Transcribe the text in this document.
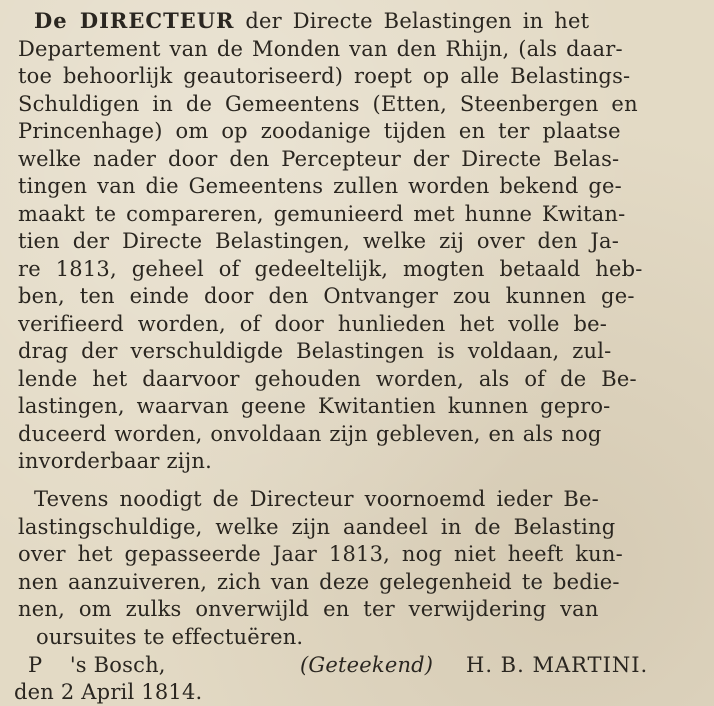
De DIRECTEUR der Directe Belastingen in het
Departement van de Monden van den Rhijn, (als daar-
toe behoorlijk geautoriseerd) roept op alle Belastings-
Schuldigen in de Gemeentens (Etten, Steenbergen en
Princenhage) om op zoodanige tijden en ter plaatse
welke nader door den Percepteur der Directe Belas-
tingen van die Gemeentens zullen worden bekend ge-
maakt te compareren, gemunieerd met hunne Kwitan-
tien der Directe Belastingen, welke zij over den Ja-
re 1813, geheel of gedeeltelijk, mogten betaald heb-
ben, ten einde door den Ontvanger zou kunnen ge-
verifieerd worden, of door hunlieden het volle be-
drag der verschuldigde Belastingen is voldaan, zul-
lende het daarvoor gehouden worden, als of de Be-
lastingen, waarvan geene Kwitantien kunnen gepro-
duceerd worden, onvoldaan zijn gebleven, en als nog
invorderbaar zijn.
Tevens noodigt de Directeur voornoemd ieder Be-
lastingschuldige, welke zijn aandeel in de Belasting
over het gepasseerde Jaar 1813, nog niet heeft kun-
nen aanzuiveren, zich van deze gelegenheid te bedie-
nen, om zulks onverwijld en ter verwijdering van
oursuites te effectuëren.
P    's Bosch,	(Geteekend) H. B. MARTINI.
den 2 April 1814.
